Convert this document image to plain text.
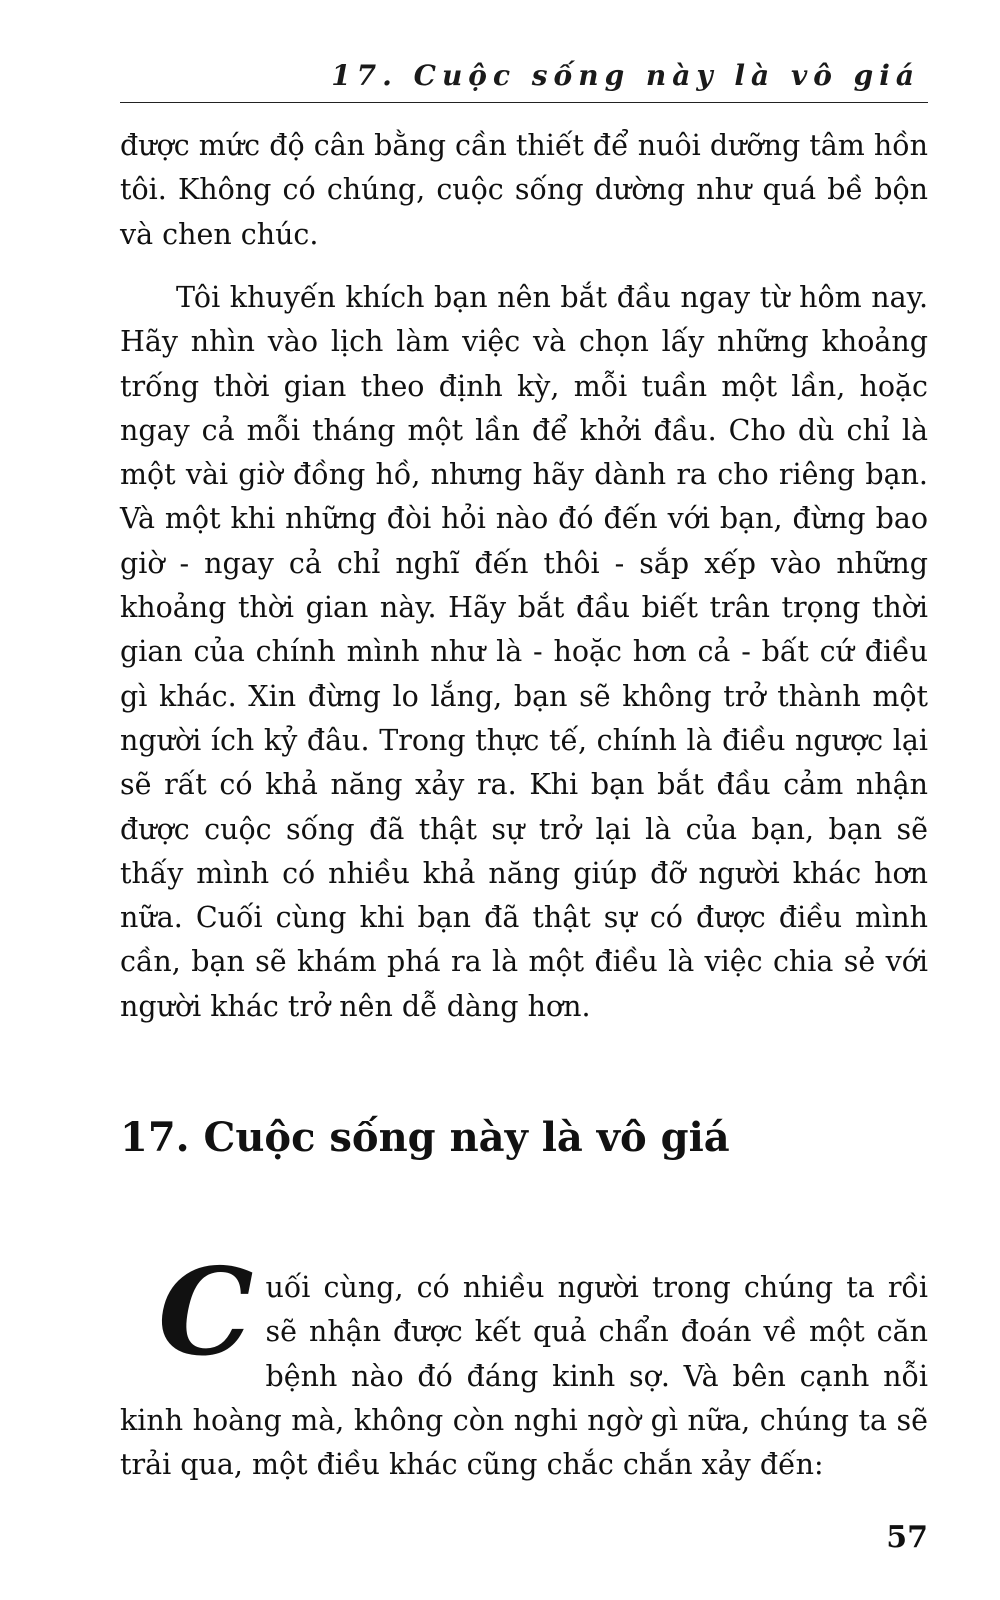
17. Cuộc sống này là vô giá

được mức độ cân bằng cần thiết để nuôi dưỡng tâm hồn tôi. Không có chúng, cuộc sống dường như quá bề bộn và chen chúc.

Tôi khuyến khích bạn nên bắt đầu ngay từ hôm nay. Hãy nhìn vào lịch làm việc và chọn lấy những khoảng trống thời gian theo định kỳ, mỗi tuần một lần, hoặc ngay cả mỗi tháng một lần để khởi đầu. Cho dù chỉ là một vài giờ đồng hồ, nhưng hãy dành ra cho riêng bạn. Và một khi những đòi hỏi nào đó đến với bạn, đừng bao giờ - ngay cả chỉ nghĩ đến thôi - sắp xếp vào những khoảng thời gian này. Hãy bắt đầu biết trân trọng thời gian của chính mình như là - hoặc hơn cả - bất cứ điều gì khác. Xin đừng lo lắng, bạn sẽ không trở thành một người ích kỷ đâu. Trong thực tế, chính là điều ngược lại sẽ rất có khả năng xảy ra. Khi bạn bắt đầu cảm nhận được cuộc sống đã thật sự trở lại là của bạn, bạn sẽ thấy mình có nhiều khả năng giúp đỡ người khác hơn nữa. Cuối cùng khi bạn đã thật sự có được điều mình cần, bạn sẽ khám phá ra là một điều là việc chia sẻ với người khác trở nên dễ dàng hơn.

17. Cuộc sống này là vô giá

Cuối cùng, có nhiều người trong chúng ta rồi sẽ nhận được kết quả chẩn đoán về một căn bệnh nào đó đáng kinh sợ. Và bên cạnh nỗi kinh hoàng mà, không còn nghi ngờ gì nữa, chúng ta sẽ trải qua, một điều khác cũng chắc chắn xảy đến:

57
